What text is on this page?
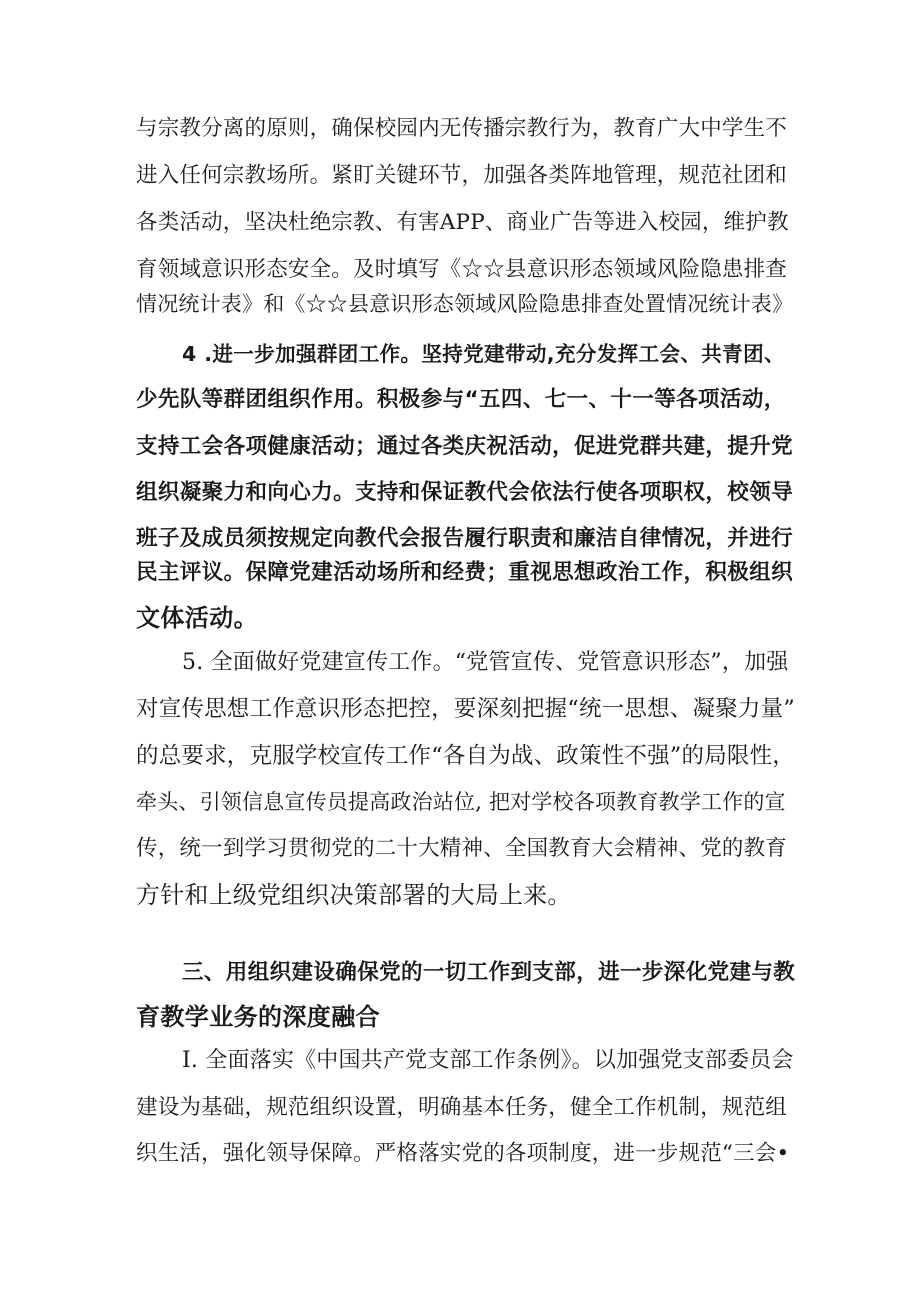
与宗教分离的原则，确保校园内无传播宗教行为，教育广大中学生不
进入任何宗教场所。紧盯关键环节，加强各类阵地管理，规范社团和
各类活动，坚决杜绝宗教、有害APP、商业广告等进入校园，维护教
育领域意识形态安全。及时填写《☆☆县意识形态领域风险隐患排查
情况统计表》和《☆☆县意识形态领域风险隐患排查处置情况统计表》
4 .进一步加强群团工作。坚持党建带动,充分发挥工会、共青团、
少先队等群团组织作用。积极参与“五四、七一、十一等各项活动，
支持工会各项健康活动；通过各类庆祝活动，促进党群共建，提升党
组织凝聚力和向心力。支持和保证教代会依法行使各项职权，校领导
班子及成员须按规定向教代会报告履行职责和廉洁自律情况，并进行
民主评议。保障党建活动场所和经费；重视思想政治工作，积极组织
文体活动。
5. 全面做好党建宣传工作。“党管宣传、党管意识形态”，加强
对宣传思想工作意识形态把控，要深刻把握“统一思想、凝聚力量”
的总要求，克服学校宣传工作“各自为战、政策性不强”的局限性，
牵头、引领信息宣传员提高政治站位, 把对学校各项教育教学工作的宣
传，统一到学习贯彻党的二十大精神、全国教育大会精神、党的教育
方针和上级党组织决策部署的大局上来。
三、用组织建设确保党的一切工作到支部，进一步深化党建与教
育教学业务的深度融合
I. 全面落实《中国共产党支部工作条例》。以加强党支部委员会
建设为基础，规范组织设置，明确基本任务，健全工作机制，规范组
织生活，强化领导保障。严格落实党的各项制度，进一步规范“三会•
